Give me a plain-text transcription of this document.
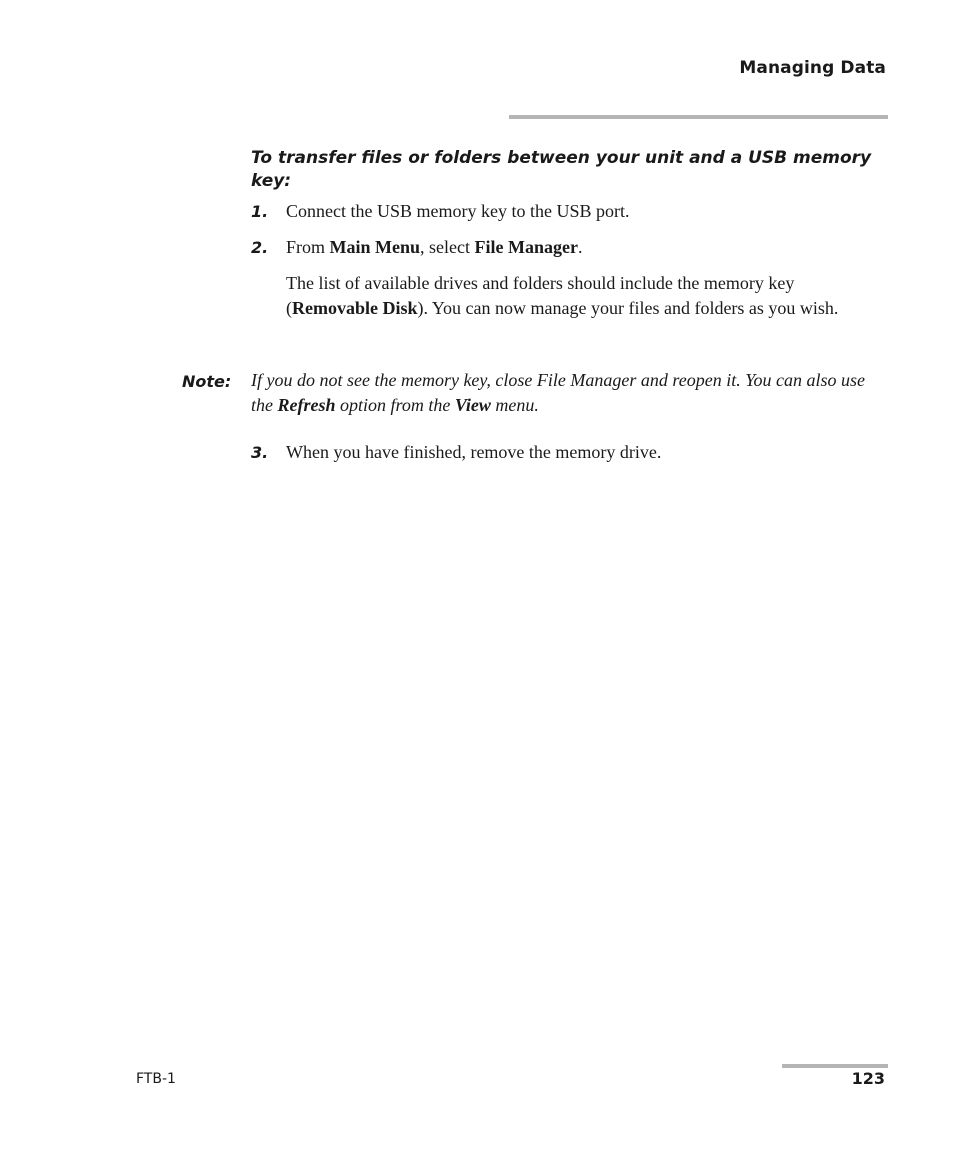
Managing Data
To transfer files or folders between your unit and a USB memory key:
1. Connect the USB memory key to the USB port.
2. From Main Menu, select File Manager.
The list of available drives and folders should include the memory key (Removable Disk). You can now manage your files and folders as you wish.
Note: If you do not see the memory key, close File Manager and reopen it. You can also use the Refresh option from the View menu.
3. When you have finished, remove the memory drive.
FTB-1	123
